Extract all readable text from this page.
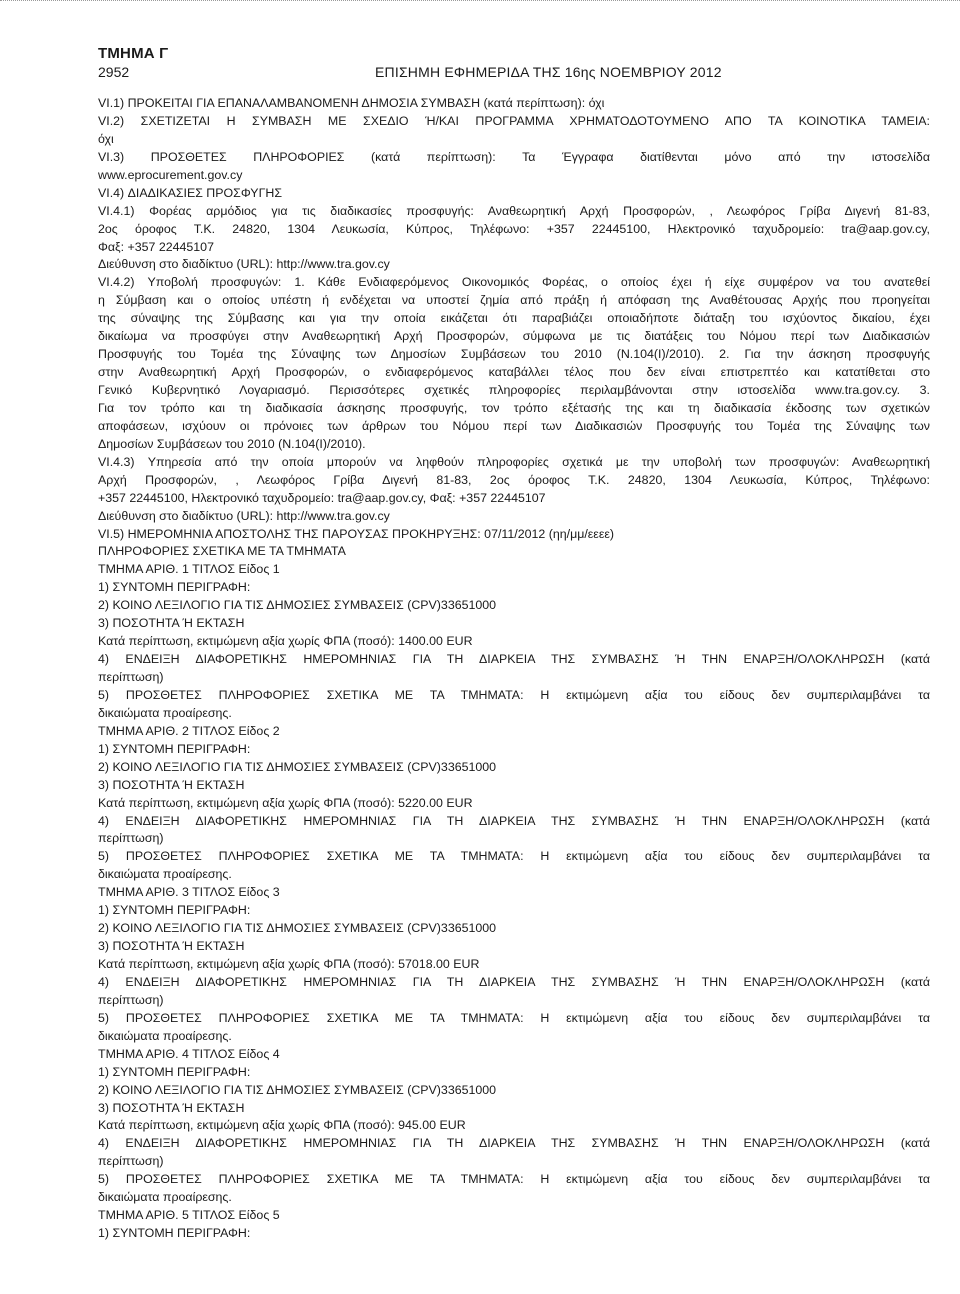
ΤΜΗΜΑ Γ
2952	ΕΠΙΣΗΜΗ ΕΦΗΜΕΡΙΔΑ ΤΗΣ 16ης ΝΟΕΜΒΡΙΟΥ 2012
VI.1) ΠΡΟΚΕΙΤΑΙ ΓΙΑ ΕΠΑΝΑΛΑΜΒΑΝΟΜΕΝΗ ΔΗΜΟΣΙΑ ΣΥΜΒΑΣΗ (κατά περίπτωση): όχι
VI.2) ΣΧΕΤΙΖΕΤΑΙ Η ΣΥΜΒΑΣΗ ΜΕ ΣΧΕΔΙΟ Ή/ΚΑΙ ΠΡΟΓΡΑΜΜΑ ΧΡΗΜΑΤΟΔΟΤΟΥΜΕΝΟ ΑΠΟ ΤΑ ΚΟΙΝΟΤΙΚΑ ΤΑΜΕΙΑ:
όχι
VI.3) ΠΡΟΣΘΕΤΕΣ ΠΛΗΡΟΦΟΡΙΕΣ (κατά περίπτωση): Τα Έγγραφα διατίθενται μόνο από την ιστοσελίδα
www.eprocurement.gov.cy
VI.4) ΔΙΑΔΙΚΑΣΙΕΣ ΠΡΟΣΦΥΓΗΣ
VI.4.1) Φορέας αρμόδιος για τις διαδικασίες προσφυγής: Αναθεωρητική Αρχή Προσφορών, , Λεωφόρος Γρίβα Διγενή 81-83,
2ος όροφος Τ.Κ. 24820, 1304 Λευκωσία, Κύπρος, Τηλέφωνο: +357 22445100, Ηλεκτρονικό ταχυδρομείο: tra@aap.gov.cy,
Φαξ: +357 22445107
Διεύθυνση στο διαδίκτυο (URL): http://www.tra.gov.cy
VI.4.2) Υποβολή προσφυγών: 1. Κάθε Ενδιαφερόμενος Οικονομικός Φορέας, ο οποίος έχει ή είχε συμφέρον να του ανατεθεί
η Σύμβαση και ο οποίος υπέστη ή ενδέχεται να υποστεί ζημία από πράξη ή απόφαση της Αναθέτουσας Αρχής που προηγείται
της σύναψης της Σύμβασης και για την οποία εικάζεται ότι παραβιάζει οποιαδήποτε διάταξη του ισχύοντος δικαίου, έχει
δικαίωμα να προσφύγει στην Αναθεωρητική Αρχή Προσφορών, σύμφωνα με τις διατάξεις του Νόμου περί των Διαδικασιών
Προσφυγής του Τομέα της Σύναψης των Δημοσίων Συμβάσεων του 2010 (Ν.104(Ι)/2010). 2. Για την άσκηση προσφυγής
στην Αναθεωρητική Αρχή Προσφορών, ο ενδιαφερόμενος καταβάλλει τέλος που δεν είναι επιστρεπτέο και κατατίθεται στο
Γενικό Κυβερνητικό Λογαριασμό. Περισσότερες σχετικές πληροφορίες περιλαμβάνονται στην ιστοσελίδα www.tra.gov.cy. 3.
Για τον τρόπο και τη διαδικασία άσκησης προσφυγής, τον τρόπο εξέτασής της και τη διαδικασία έκδοσης των σχετικών
αποφάσεων, ισχύουν οι πρόνοιες των άρθρων του Νόμου περί των Διαδικασιών Προσφυγής του Τομέα της Σύναψης των
Δημοσίων Συμβάσεων του 2010 (Ν.104(Ι)/2010).
VI.4.3) Υπηρεσία από την οποία μπορούν να ληφθούν πληροφορίες σχετικά με την υποβολή των προσφυγών: Αναθεωρητική
Αρχή Προσφορών, , Λεωφόρος Γρίβα Διγενή 81-83, 2ος όροφος Τ.Κ. 24820, 1304 Λευκωσία, Κύπρος, Τηλέφωνο:
+357 22445100, Ηλεκτρονικό ταχυδρομείο: tra@aap.gov.cy, Φαξ: +357 22445107
Διεύθυνση στο διαδίκτυο (URL): http://www.tra.gov.cy
VI.5) ΗΜΕΡΟΜΗΝΙΑ ΑΠΟΣΤΟΛΗΣ ΤΗΣ ΠΑΡΟΥΣΑΣ ΠΡΟΚΗΡΥΞΗΣ: 07/11/2012 (ηη/μμ/εεεε)
ΠΛΗΡΟΦΟΡΙΕΣ ΣΧΕΤΙΚΑ ΜΕ ΤΑ ΤΜΗΜΑΤΑ
ΤΜΗΜΑ ΑΡΙΘ. 1 ΤΙΤΛΟΣ Είδος 1
1) ΣΥΝΤΟΜΗ ΠΕΡΙΓΡΑΦΗ:
2) ΚΟΙΝΟ ΛΕΞΙΛΟΓΙΟ ΓΙΑ ΤΙΣ ΔΗΜΟΣΙΕΣ ΣΥΜΒΑΣΕΙΣ (CPV)33651000
3) ΠΟΣΟΤΗΤΑ Ή ΕΚΤΑΣΗ
Κατά περίπτωση, εκτιμώμενη αξία χωρίς ΦΠΑ (ποσό): 1400.00 EUR
4) ΕΝΔΕΙΞΗ ΔΙΑΦΟΡΕΤΙΚΗΣ ΗΜΕΡΟΜΗΝΙΑΣ ΓΙΑ ΤΗ ΔΙΑΡΚΕΙΑ ΤΗΣ ΣΥΜΒΑΣΗΣ Ή ΤΗΝ ΕΝΑΡΞΗ/ΟΛΟΚΛΗΡΩΣΗ (κατά
περίπτωση)
5) ΠΡΟΣΘΕΤΕΣ ΠΛΗΡΟΦΟΡΙΕΣ ΣΧΕΤΙΚΑ ΜΕ ΤΑ ΤΜΗΜΑΤΑ: Η εκτιμώμενη αξία του είδους δεν συμπεριλαμβάνει τα
δικαιώματα προαίρεσης.
ΤΜΗΜΑ ΑΡΙΘ. 2 ΤΙΤΛΟΣ Είδος 2
1) ΣΥΝΤΟΜΗ ΠΕΡΙΓΡΑΦΗ:
2) ΚΟΙΝΟ ΛΕΞΙΛΟΓΙΟ ΓΙΑ ΤΙΣ ΔΗΜΟΣΙΕΣ ΣΥΜΒΑΣΕΙΣ (CPV)33651000
3) ΠΟΣΟΤΗΤΑ Ή ΕΚΤΑΣΗ
Κατά περίπτωση, εκτιμώμενη αξία χωρίς ΦΠΑ (ποσό): 5220.00 EUR
4) ΕΝΔΕΙΞΗ ΔΙΑΦΟΡΕΤΙΚΗΣ ΗΜΕΡΟΜΗΝΙΑΣ ΓΙΑ ΤΗ ΔΙΑΡΚΕΙΑ ΤΗΣ ΣΥΜΒΑΣΗΣ Ή ΤΗΝ ΕΝΑΡΞΗ/ΟΛΟΚΛΗΡΩΣΗ (κατά
περίπτωση)
5) ΠΡΟΣΘΕΤΕΣ ΠΛΗΡΟΦΟΡΙΕΣ ΣΧΕΤΙΚΑ ΜΕ ΤΑ ΤΜΗΜΑΤΑ: Η εκτιμώμενη αξία του είδους δεν συμπεριλαμβάνει τα
δικαιώματα προαίρεσης.
ΤΜΗΜΑ ΑΡΙΘ. 3 ΤΙΤΛΟΣ Είδος 3
1) ΣΥΝΤΟΜΗ ΠΕΡΙΓΡΑΦΗ:
2) ΚΟΙΝΟ ΛΕΞΙΛΟΓΙΟ ΓΙΑ ΤΙΣ ΔΗΜΟΣΙΕΣ ΣΥΜΒΑΣΕΙΣ (CPV)33651000
3) ΠΟΣΟΤΗΤΑ Ή ΕΚΤΑΣΗ
Κατά περίπτωση, εκτιμώμενη αξία χωρίς ΦΠΑ (ποσό): 57018.00 EUR
4) ΕΝΔΕΙΞΗ ΔΙΑΦΟΡΕΤΙΚΗΣ ΗΜΕΡΟΜΗΝΙΑΣ ΓΙΑ ΤΗ ΔΙΑΡΚΕΙΑ ΤΗΣ ΣΥΜΒΑΣΗΣ Ή ΤΗΝ ΕΝΑΡΞΗ/ΟΛΟΚΛΗΡΩΣΗ (κατά
περίπτωση)
5) ΠΡΟΣΘΕΤΕΣ ΠΛΗΡΟΦΟΡΙΕΣ ΣΧΕΤΙΚΑ ΜΕ ΤΑ ΤΜΗΜΑΤΑ: Η εκτιμώμενη αξία του είδους δεν συμπεριλαμβάνει τα
δικαιώματα προαίρεσης.
ΤΜΗΜΑ ΑΡΙΘ. 4 ΤΙΤΛΟΣ Είδος 4
1) ΣΥΝΤΟΜΗ ΠΕΡΙΓΡΑΦΗ:
2) ΚΟΙΝΟ ΛΕΞΙΛΟΓΙΟ ΓΙΑ ΤΙΣ ΔΗΜΟΣΙΕΣ ΣΥΜΒΑΣΕΙΣ (CPV)33651000
3) ΠΟΣΟΤΗΤΑ Ή ΕΚΤΑΣΗ
Κατά περίπτωση, εκτιμώμενη αξία χωρίς ΦΠΑ (ποσό): 945.00 EUR
4) ΕΝΔΕΙΞΗ ΔΙΑΦΟΡΕΤΙΚΗΣ ΗΜΕΡΟΜΗΝΙΑΣ ΓΙΑ ΤΗ ΔΙΑΡΚΕΙΑ ΤΗΣ ΣΥΜΒΑΣΗΣ Ή ΤΗΝ ΕΝΑΡΞΗ/ΟΛΟΚΛΗΡΩΣΗ (κατά
περίπτωση)
5) ΠΡΟΣΘΕΤΕΣ ΠΛΗΡΟΦΟΡΙΕΣ ΣΧΕΤΙΚΑ ΜΕ ΤΑ ΤΜΗΜΑΤΑ: Η εκτιμώμενη αξία του είδους δεν συμπεριλαμβάνει τα
δικαιώματα προαίρεσης.
ΤΜΗΜΑ ΑΡΙΘ. 5 ΤΙΤΛΟΣ Είδος 5
1) ΣΥΝΤΟΜΗ ΠΕΡΙΓΡΑΦΗ:
